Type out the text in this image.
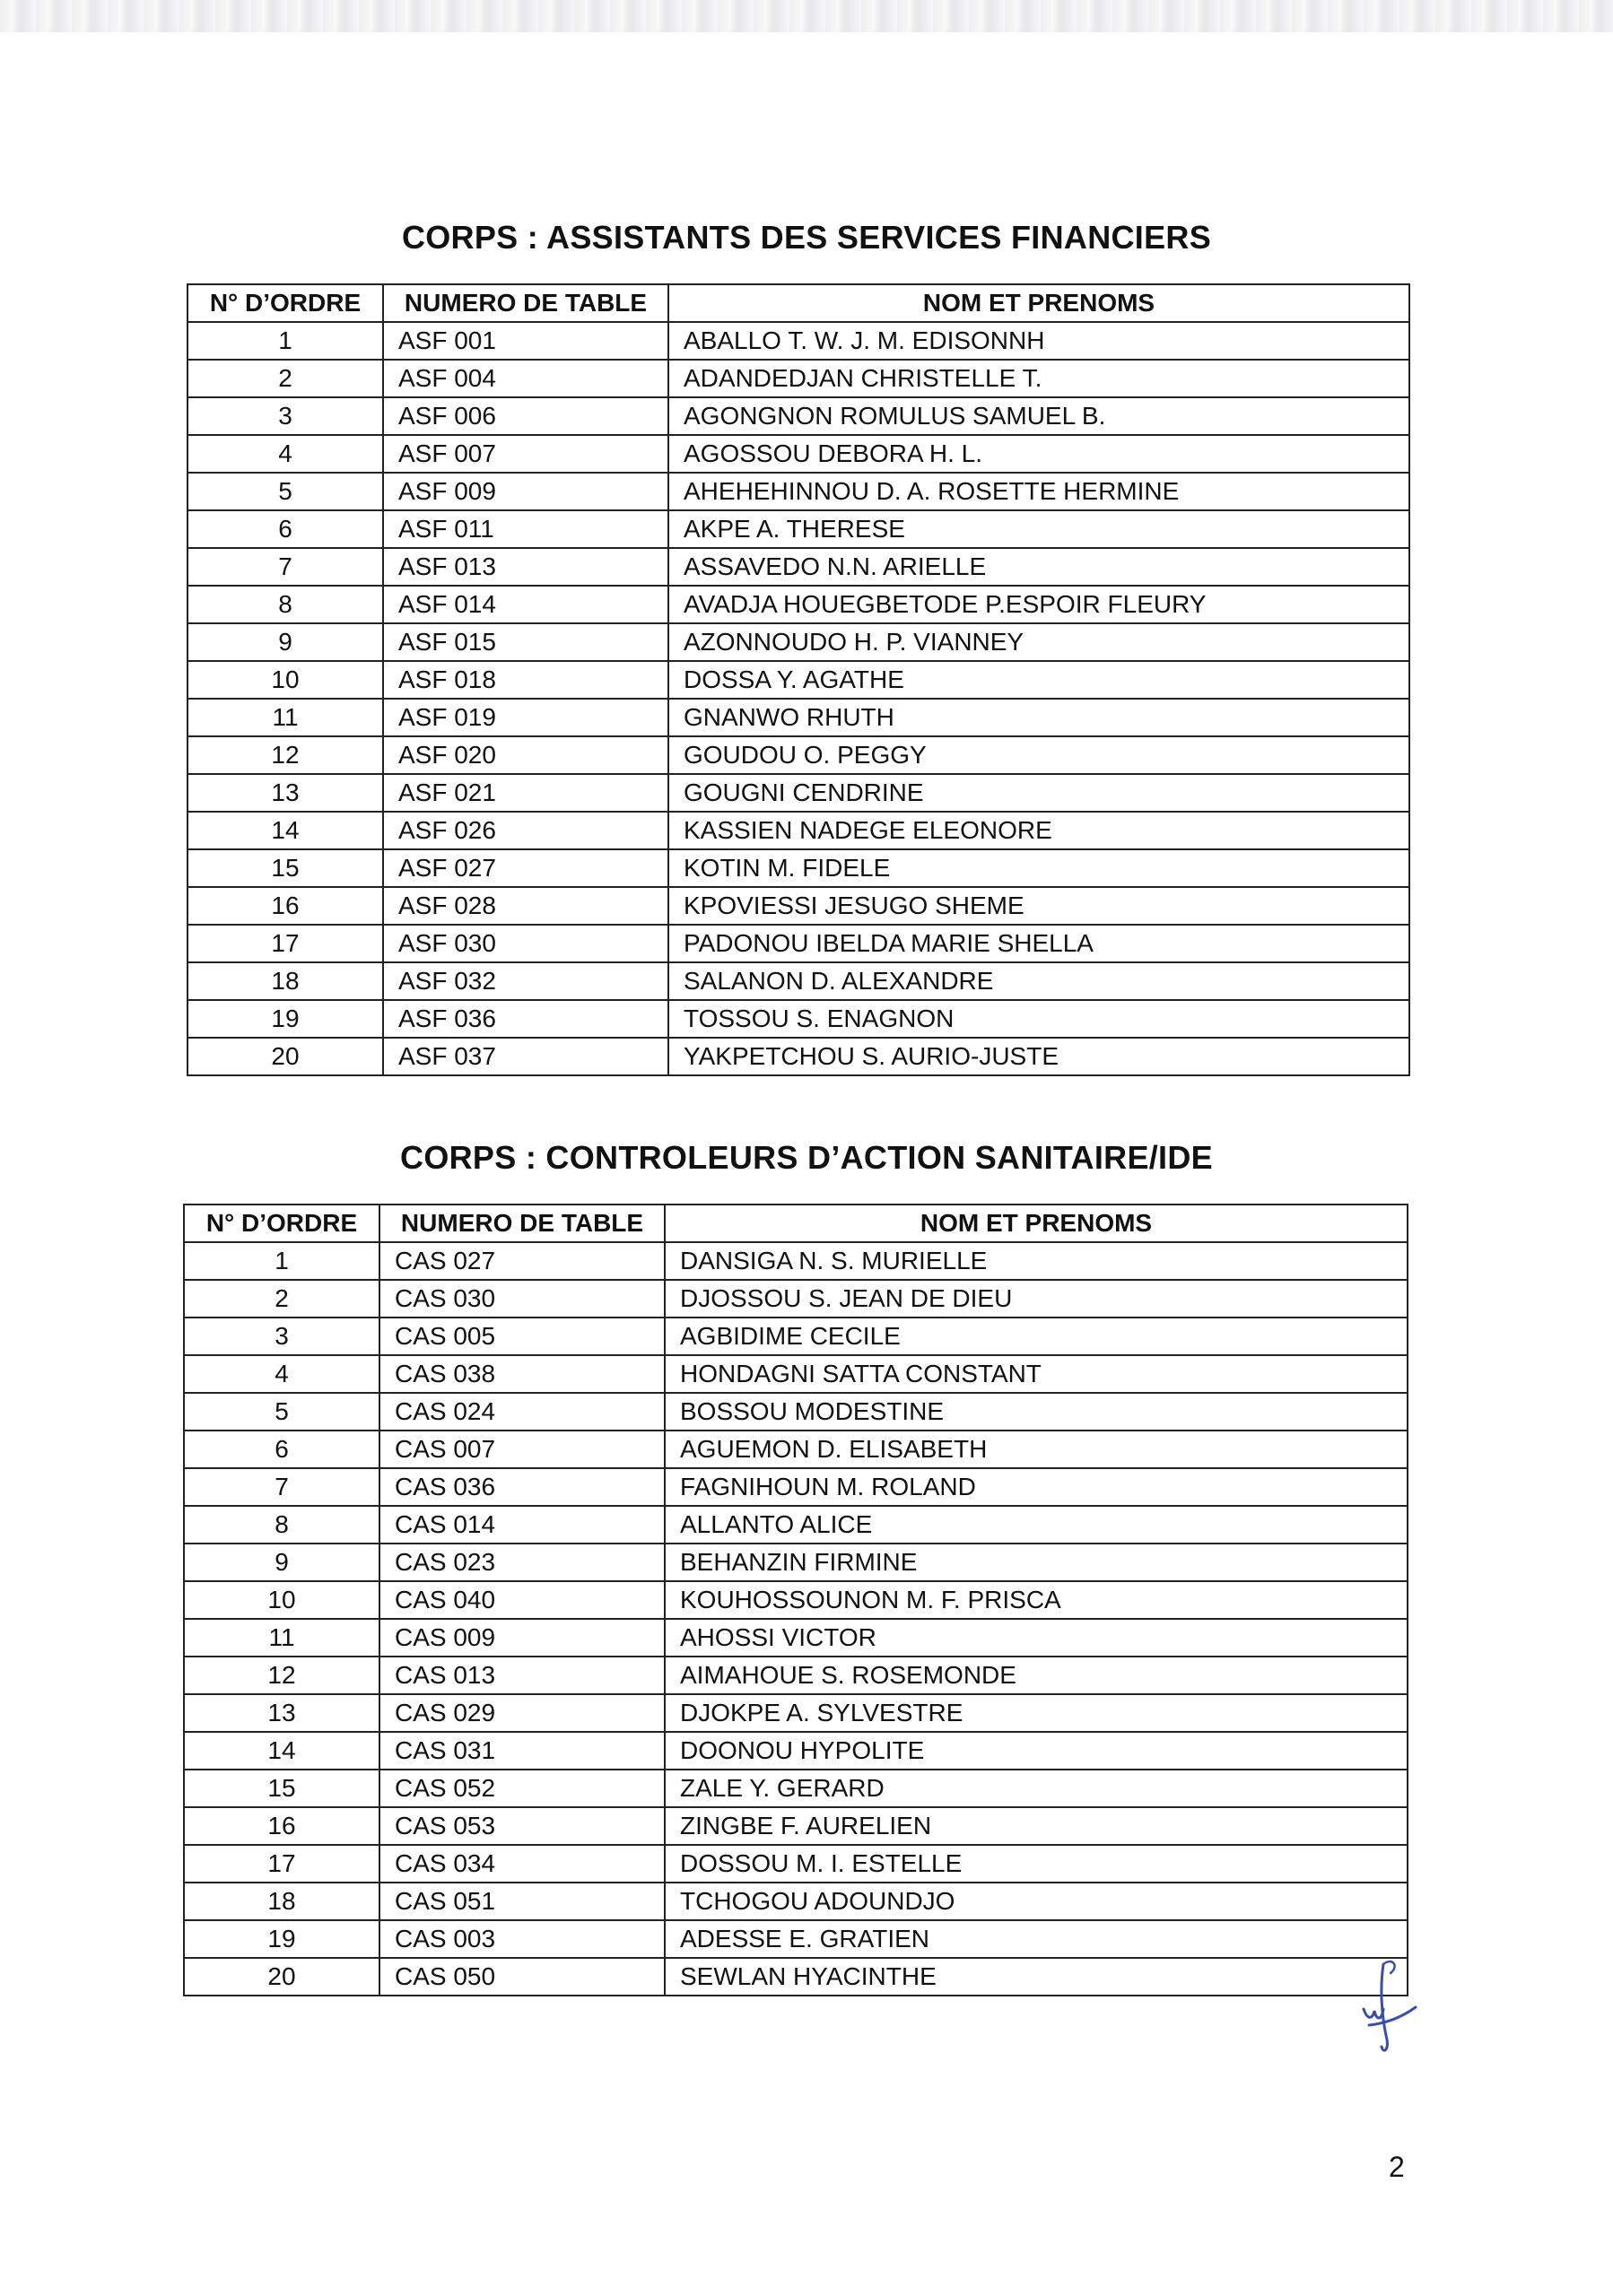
CORPS : ASSISTANTS DES SERVICES FINANCIERS
N° D’ORDRE	NUMERO DE TABLE	NOM ET PRENOMS
1	ASF 001	ABALLO T. W. J. M. EDISONNH
2	ASF 004	ADANDEDJAN CHRISTELLE T.
3	ASF 006	AGONGNON ROMULUS SAMUEL B.
4	ASF 007	AGOSSOU DEBORA H. L.
5	ASF 009	AHEHEHINNOU D. A. ROSETTE HERMINE
6	ASF 011	AKPE A. THERESE
7	ASF 013	ASSAVEDO N.N. ARIELLE
8	ASF 014	AVADJA HOUEGBETODE P.ESPOIR FLEURY
9	ASF 015	AZONNOUDO H. P. VIANNEY
10	ASF 018	DOSSA Y. AGATHE
11	ASF 019	GNANWO RHUTH
12	ASF 020	GOUDOU O. PEGGY
13	ASF 021	GOUGNI CENDRINE
14	ASF 026	KASSIEN NADEGE ELEONORE
15	ASF 027	KOTIN M. FIDELE
16	ASF 028	KPOVIESSI JESUGO SHEME
17	ASF 030	PADONOU IBELDA MARIE SHELLA
18	ASF 032	SALANON D. ALEXANDRE
19	ASF 036	TOSSOU S. ENAGNON
20	ASF 037	YAKPETCHOU S. AURIO-JUSTE
CORPS : CONTROLEURS D’ACTION SANITAIRE/IDE
N° D’ORDRE	NUMERO DE TABLE	NOM ET PRENOMS
1	CAS 027	DANSIGA N. S. MURIELLE
2	CAS 030	DJOSSOU S. JEAN DE DIEU
3	CAS 005	AGBIDIME CECILE
4	CAS 038	HONDAGNI SATTA CONSTANT
5	CAS 024	BOSSOU MODESTINE
6	CAS 007	AGUEMON D. ELISABETH
7	CAS 036	FAGNIHOUN M. ROLAND
8	CAS 014	ALLANTO ALICE
9	CAS 023	BEHANZIN FIRMINE
10	CAS 040	KOUHOSSOUNON M. F. PRISCA
11	CAS 009	AHOSSI VICTOR
12	CAS 013	AIMAHOUE S. ROSEMONDE
13	CAS 029	DJOKPE A. SYLVESTRE
14	CAS 031	DOONOU HYPOLITE
15	CAS 052	ZALE Y. GERARD
16	CAS 053	ZINGBE F. AURELIEN
17	CAS 034	DOSSOU M. I. ESTELLE
18	CAS 051	TCHOGOU ADOUNDJO
19	CAS 003	ADESSE E. GRATIEN
20	CAS 050	SEWLAN HYACINTHE
2
